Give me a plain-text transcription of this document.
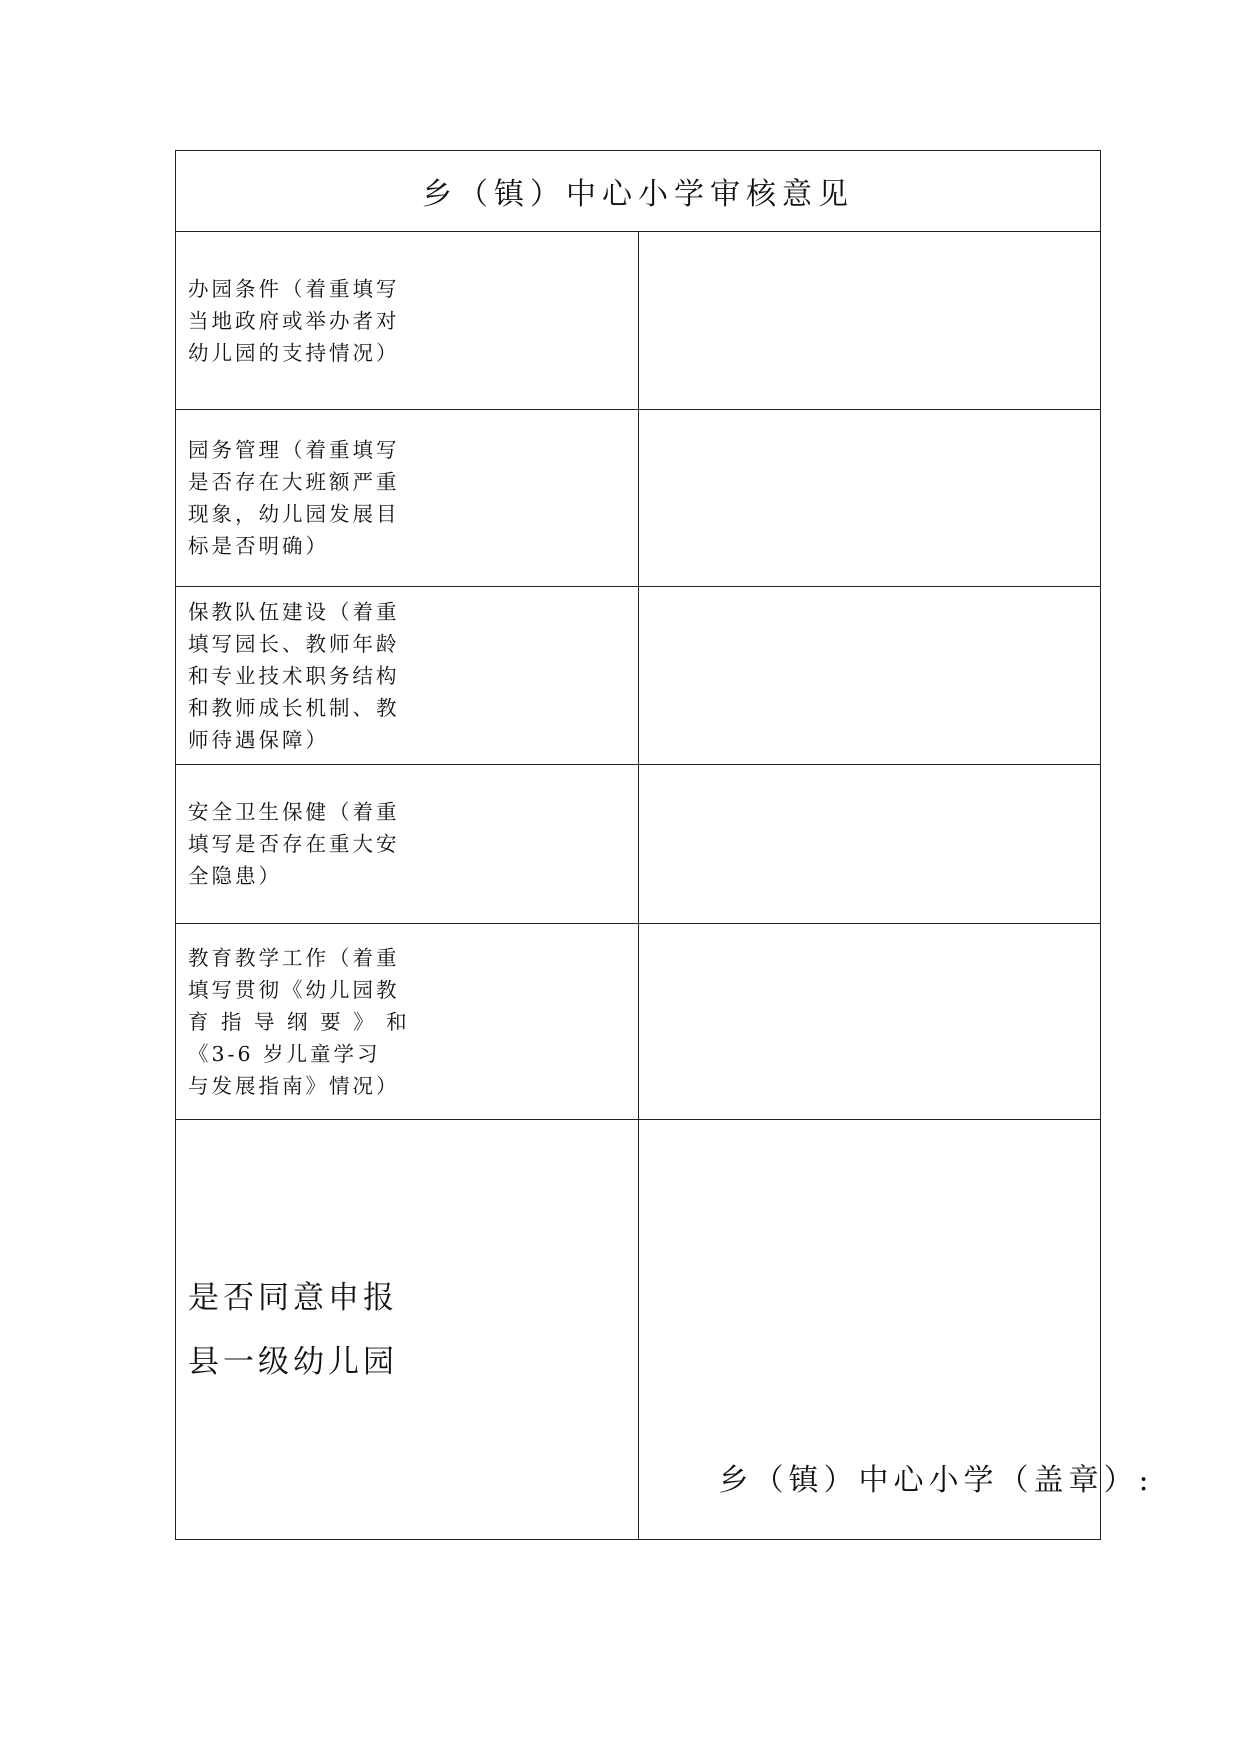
乡（镇）中心小学审核意见	

办园条件（着重填写
当地政府或举办者对
幼儿园的支持情况）	

园务管理（着重填写
是否存在大班额严重
现象，幼儿园发展目
标是否明确）	

保教队伍建设（着重
填写园长、教师年龄
和专业技术职务结构
和教师成长机制、教
师待遇保障）	

安全卫生保健（着重
填写是否存在重大安
全隐患）	

教育教学工作（着重
填写贯彻《幼儿园教
育 指 导 纲 要 》 和
《3-6 岁儿童学习
与发展指南》情况）	

是否同意申报
县一级幼儿园	乡（镇）中心小学（盖章）:
